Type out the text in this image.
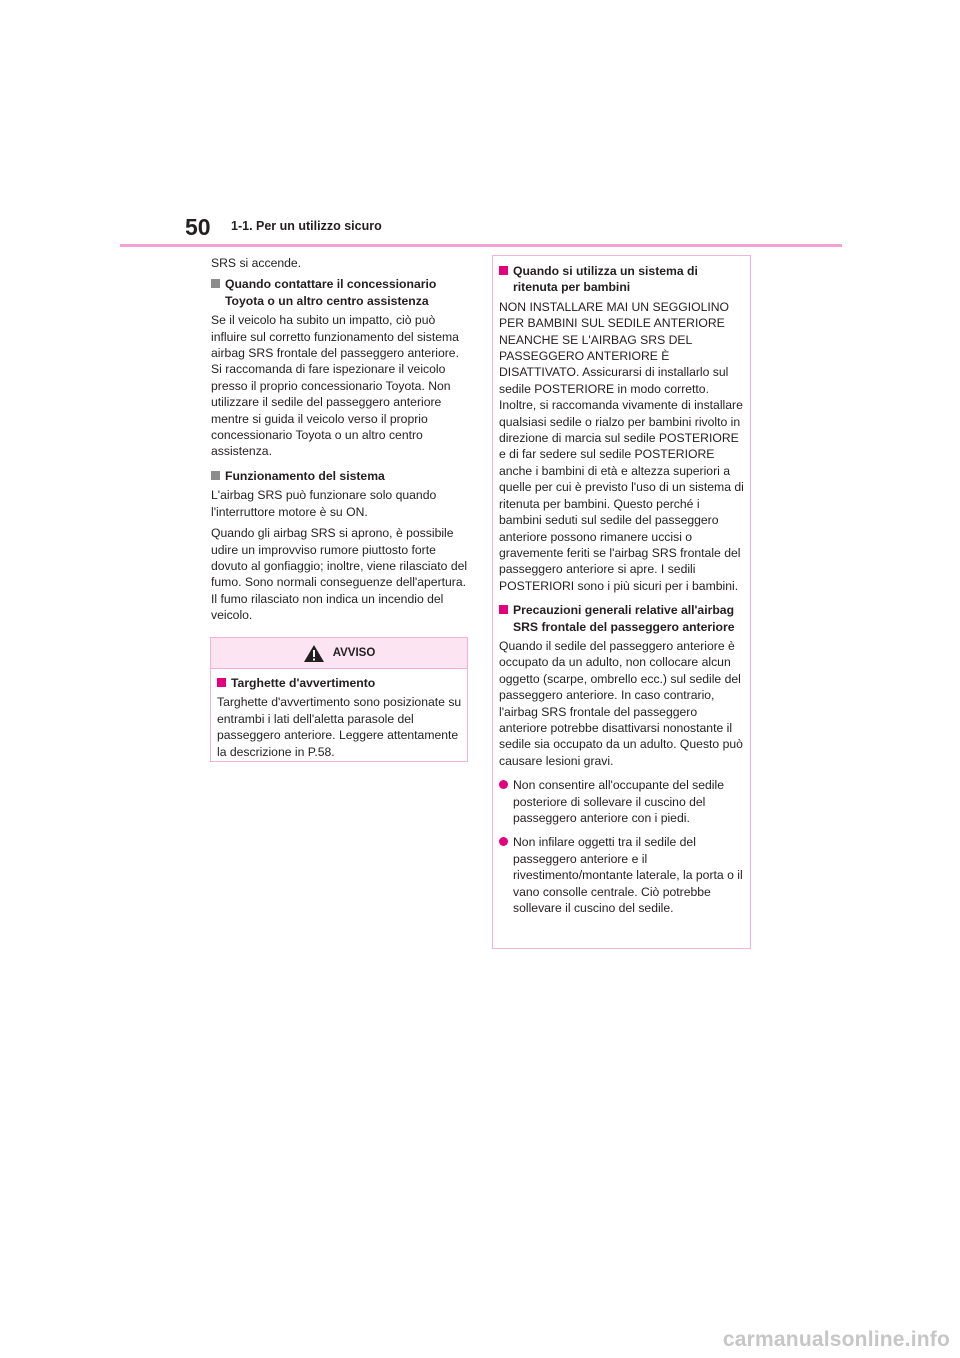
50 1-1. Per un utilizzo sicuro

SRS si accende.

Quando contattare il concessionario Toyota o un altro centro assistenza

Se il veicolo ha subito un impatto, ciò può influire sul corretto funzionamento del sistema airbag SRS frontale del passeggero anteriore. Si raccomanda di fare ispezionare il veicolo presso il proprio concessionario Toyota. Non utilizzare il sedile del passeggero anteriore mentre si guida il veicolo verso il proprio concessionario Toyota o un altro centro assistenza.

Funzionamento del sistema

L'airbag SRS può funzionare solo quando l'interruttore motore è su ON.

Quando gli airbag SRS si aprono, è possibile udire un improvviso rumore piuttosto forte dovuto al gonfiaggio; inoltre, viene rilasciato del fumo. Sono normali conseguenze dell'apertura. Il fumo rilasciato non indica un incendio del veicolo.

AVVISO
Targhette d'avvertimento

Targhette d'avvertimento sono posizionate su entrambi i lati dell'aletta parasole del passeggero anteriore. Leggere attentamente la descrizione in P.58.

Quando si utilizza un sistema di ritenuta per bambini

NON INSTALLARE MAI UN SEGGIOLINO PER BAMBINI SUL SEDILE ANTERIORE NEANCHE SE L'AIRBAG SRS DEL PASSEGGERO ANTERIORE È DISATTIVATO. Assicurarsi di installarlo sul sedile POSTERIORE in modo corretto. Inoltre, si raccomanda vivamente di installare qualsiasi sedile o rialzo per bambini rivolto in direzione di marcia sul sedile POSTERIORE e di far sedere sul sedile POSTERIORE anche i bambini di età e altezza superiori a quelle per cui è previsto l'uso di un sistema di ritenuta per bambini. Questo perché i bambini seduti sul sedile del passeggero anteriore possono rimanere uccisi o gravemente feriti se l'airbag SRS frontale del passeggero anteriore si apre. I sedili POSTERIORI sono i più sicuri per i bambini.

Precauzioni generali relative all'airbag SRS frontale del passeggero anteriore

Quando il sedile del passeggero anteriore è occupato da un adulto, non collocare alcun oggetto (scarpe, ombrello ecc.) sul sedile del passeggero anteriore. In caso contrario, l'airbag SRS frontale del passeggero anteriore potrebbe disattivarsi nonostante il sedile sia occupato da un adulto. Questo può causare lesioni gravi.

Non consentire all'occupante del sedile posteriore di sollevare il cuscino del passeggero anteriore con i piedi.
Non infilare oggetti tra il sedile del passeggero anteriore e il rivestimento/montante laterale, la porta o il vano consolle centrale. Ciò potrebbe sollevare il cuscino del sedile.
carmanualsonline.info
